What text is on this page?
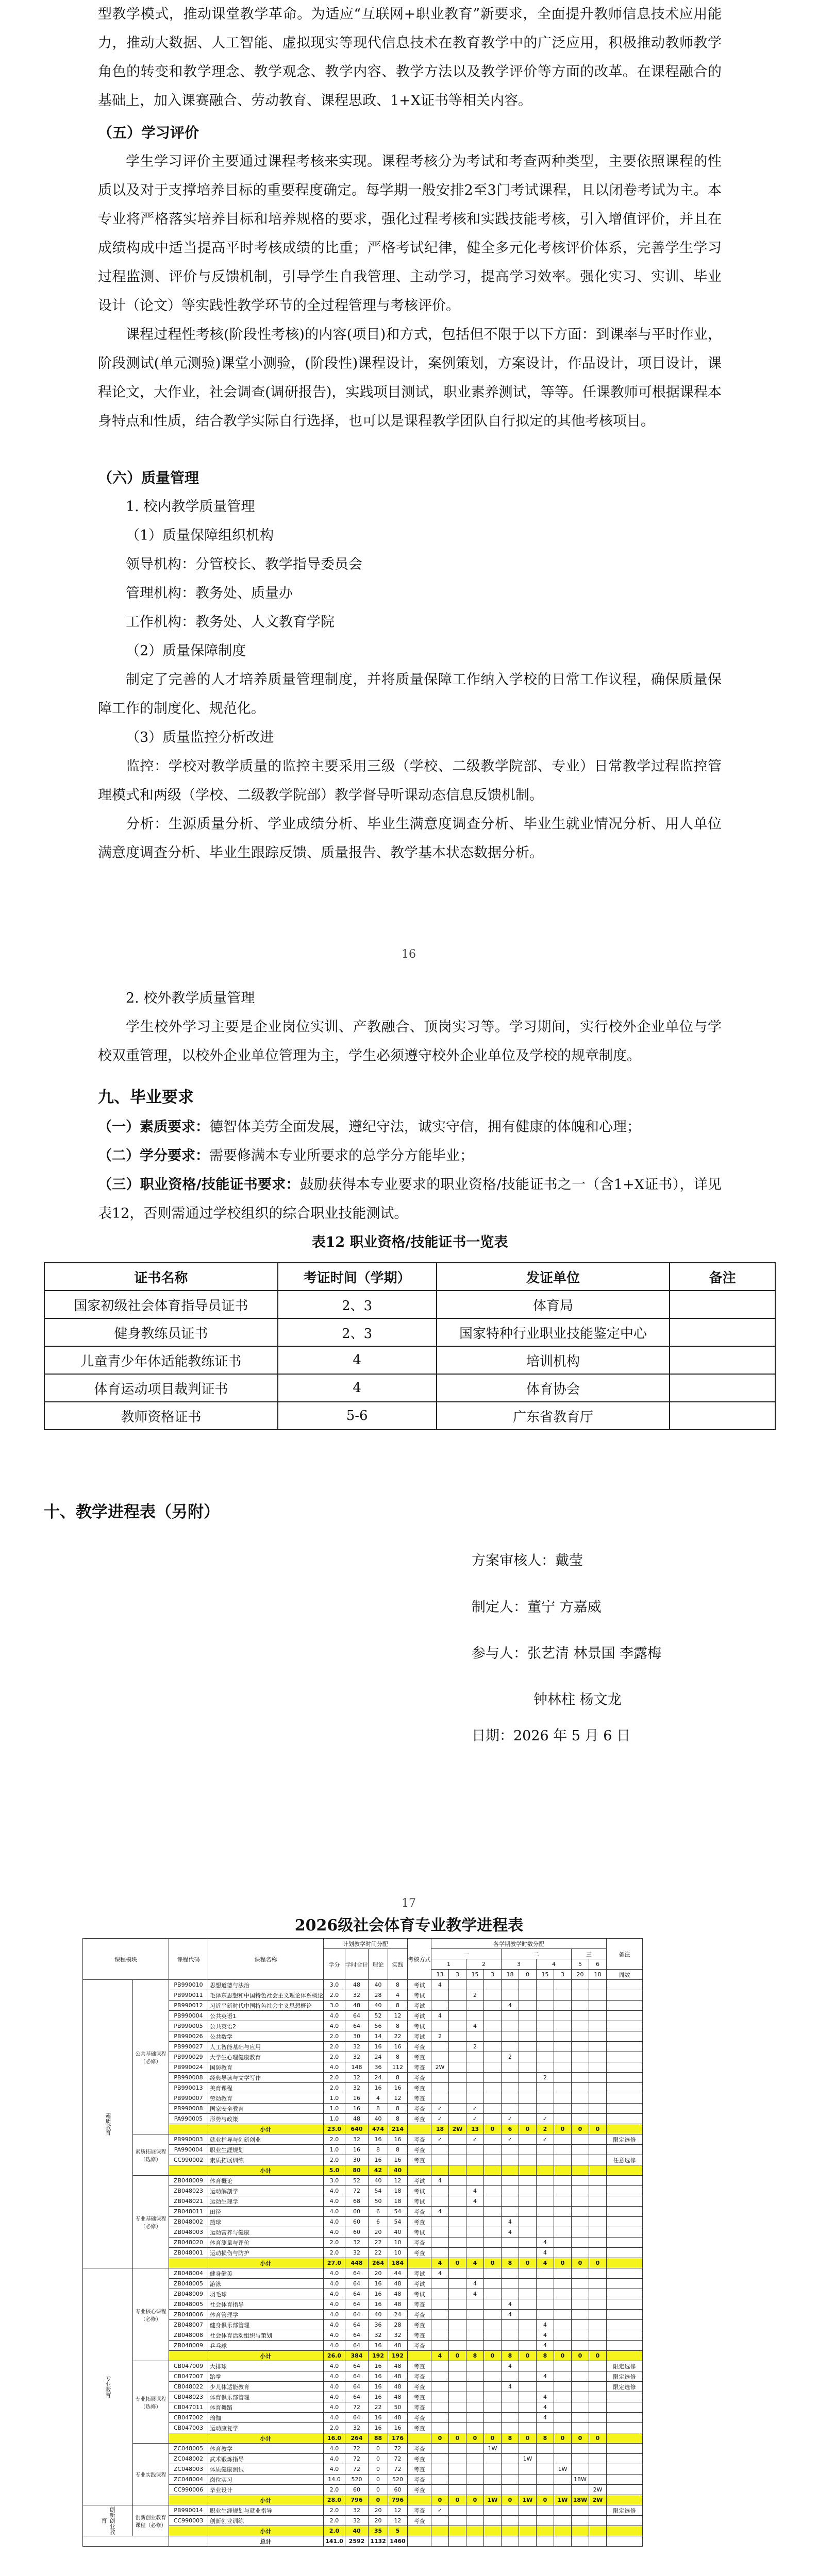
型教学模式，推动课堂教学革命。为适应“互联网+职业教育”新要求，全面提升教师信息技术应用能力，推动大数据、人工智能、虚拟现实等现代信息技术在教育教学中的广泛应用，积极推动教师教学角色的转变和教学理念、教学观念、教学内容、教学方法以及教学评价等方面的改革。在课程融合的基础上，加入课赛融合、劳动教育、课程思政、1+X证书等相关内容。

（五）学习评价

学生学习评价主要通过课程考核来实现。课程考核分为考试和考查两种类型，主要依照课程的性质以及对于支撑培养目标的重要程度确定。每学期一般安排2至3门考试课程，且以闭卷考试为主。本专业将严格落实培养目标和培养规格的要求，强化过程考核和实践技能考核，引入增值评价，并且在成绩构成中适当提高平时考核成绩的比重；严格考试纪律，健全多元化考核评价体系，完善学生学习过程监测、评价与反馈机制，引导学生自我管理、主动学习，提高学习效率。强化实习、实训、毕业设计（论文）等实践性教学环节的全过程管理与考核评价。

课程过程性考核(阶段性考核)的内容(项目)和方式，包括但不限于以下方面：到课率与平时作业，阶段测试(单元测验)课堂小测验，(阶段性)课程设计，案例策划，方案设计，作品设计，项目设计，课程论文，大作业，社会调查(调研报告)，实践项目测试，职业素养测试，等等。任课教师可根据课程本身特点和性质，结合教学实际自行选择，也可以是课程教学团队自行拟定的其他考核项目。

（六）质量管理

1. 校内教学质量管理

（1）质量保障组织机构

领导机构：分管校长、教学指导委员会

管理机构：教务处、质量办

工作机构：教务处、人文教育学院

（2）质量保障制度

制定了完善的人才培养质量管理制度，并将质量保障工作纳入学校的日常工作议程，确保质量保障工作的制度化、规范化。

（3）质量监控分析改进

监控：学校对教学质量的监控主要采用三级（学校、二级教学院部、专业）日常教学过程监控管理模式和两级（学校、二级教学院部）教学督导听课动态信息反馈机制。

分析：生源质量分析、学业成绩分析、毕业生满意度调查分析、毕业生就业情况分析、用人单位满意度调查分析、毕业生跟踪反馈、质量报告、教学基本状态数据分析。

16

2. 校外教学质量管理

学生校外学习主要是企业岗位实训、产教融合、顶岗实习等。学习期间，实行校外企业单位与学校双重管理，以校外企业单位管理为主，学生必须遵守校外企业单位及学校的规章制度。

九、毕业要求

（一）素质要求：德智体美劳全面发展，遵纪守法，诚实守信，拥有健康的体魄和心理；

（二）学分要求：需要修满本专业所要求的总学分方能毕业；

（三）职业资格/技能证书要求：鼓励获得本专业要求的职业资格/技能证书之一（含1+X证书），详见表12，否则需通过学校组织的综合职业技能测试。

表12 职业资格/技能证书一览表

证书名称	考证时间（学期）	发证单位	备注
国家初级社会体育指导员证书	2、3	体育局	
健身教练员证书	2、3	国家特种行业职业技能鉴定中心	
儿童青少年体适能教练证书	4	培训机构	
体育运动项目裁判证书	4	体育协会	
教师资格证书	5-6	广东省教育厅	

十、教学进程表（另附）

方案审核人：戴莹
制定人：董宁 方嘉威
参与人：张艺清 林景国 李露梅
钟林柱 杨文龙
日期：2026 年 5 月 6 日
17
2026级社会体育专业教学进程表
课程模块		课程代码	课程名称	计划教学时间分配				考核方式	各学期教学时数分配										备注
				学分	学时合计	理论	实践		一				二				三		
									1		2		3		4		5	6	
									13	3	15	3	18	0	15	3	20	18	周数
素质教育	公共基础课程（必修）	PB990010	思想道德与法治	3.0	48	40	8	考试	4										
		PB990011	毛泽东思想和中国特色社会主义理论体系概论	2.0	32	28	4	考试			2								
		PB990012	习近平新时代中国特色社会主义思想概论	3.0	48	40	8	考试					4						
		PB990004	公共英语1	4.0	64	52	12	考试	4										
		PB990005	公共英语2	4.0	64	56	8	考试			4								
		PB990026	公共数学	2.0	30	14	22	考试	2										
		PB990027	人工智能基础与应用	2.0	32	16	16	考查			2								
		PB990029	大学生心理健康教育	2.0	32	24	8	考查					2						
		PB990024	国防教育	4.0	148	36	112	考查	2W										
		PB990008	经典导读与文学写作	2.0	32	24	8	考查							2				
		PB990013	美育课程	2.0	32	16	16	考查											
		PB990007	劳动教育	1.0	16	4	12	考查											
		PB990008	国家安全教育	1.0	16	8	8	考查	✓		✓								
		PA990005	形势与政策	1.0	48	40	8	考查	✓		✓		✓		✓				
			小计	23.0	640	474	214		18	2W	13	0	6	0	2	0	0	0	
	素质拓展课程（选修）	PB990003	就业指导与创新创业	2.0	32	16	16	考查	✓		✓		✓		✓				限定选修
		PA990004	职业生涯规划	1.0	16	8	8	考查											
		CC990002	素质拓展训练	2.0	30	16	16	考查											任意选修
			小计	5.0	80	42	40												
	专业基础课程（必修）	ZB048009	体育概论	3.0	52	40	12	考试	4										
		ZB048023	运动解剖学	4.0	72	54	18	考试			4								
		ZB048021	运动生理学	4.0	68	50	18	考试			4								
		ZB048011	田径	4.0	60	6	54	考查	4										
		ZB048002	篮球	4.0	60	6	54	考查					4						
		ZB048003	运动营养与健康	4.0	60	20	40	考试					4						
		ZB048020	体育测量与评价	2.0	32	22	10	考查							4				
		ZB048001	运动损伤与防护	2.0	32	22	10	考查							4				
			小计	27.0	448	264	184		4	0	4	0	8	0	4	0	0	0	
专业教育	专业核心课程（必修）	ZB048004	健身健美	4.0	64	20	44	考试	4										
		ZB048005	游泳	4.0	64	16	48	考试			4								
		ZB048009	羽毛球	4.0	64	16	48	考试			4								
		ZB048005	社会体育指导	4.0	64	16	48	考查					4						
		ZB048006	体育管理学	4.0	64	40	24	考查					4						
		ZB048007	健身俱乐部管理	4.0	64	36	28	考查							4				
		ZB048008	社会体育活动组织与策划	4.0	64	32	32	考查							4				
		ZB048009	乒乓球	4.0	64	16	48	考查							4				
			小计	26.0	384	192	192		4	0	8	0	8	0	8	0	0	0	
	专业拓展课程（选修）	CB047009	大排球	4.0	64	16	48	考查					4						限定选修
		CB047007	跆拳	4.0	64	16	48	考查							4				限定选修
		CB048022	少儿体适能教育	4.0	64	16	48	考查					4						限定选修
		CB048023	体育俱乐部管理	4.0	64	16	48	考查							4				
		CB047011	体育舞蹈	4.0	72	22	50	考查							4				
		CB047002	瑜伽	4.0	64	16	48	考查							4				
		CB047003	运动康复学	2.0	32	16	16	考查											
			小计	16.0	264	88	176		0	0	0	0	8	0	8	0	0	0	
	专业实践课程	ZC048005	体育教学	4.0	72	0	72	考查				1W							
		ZC048002	武术锻炼指导	4.0	72	0	72	考查						1W					
		ZC048003	体质健康测试	4.0	72	0	72	考查								1W			
		ZC048004	岗位实习	14.0	520	0	520	考查									18W		
		CC990006	毕业设计	2.0	60	0	60	考查										2W	
			小计	28.0	796	0	796		0	0	0	1W	0	1W	0	1W	18W	2W	
创新创业教育	创新创业教育课程（必修）	PB990014	职业生涯规划与就业指导	2.0	32	20	12	考查	✓										限定选修
		CC990003	创新创业训练	2.0	32	20	12	考查											
			小计	2.0	40	35	5												
			总计	141.0	2592	1132	1460												
